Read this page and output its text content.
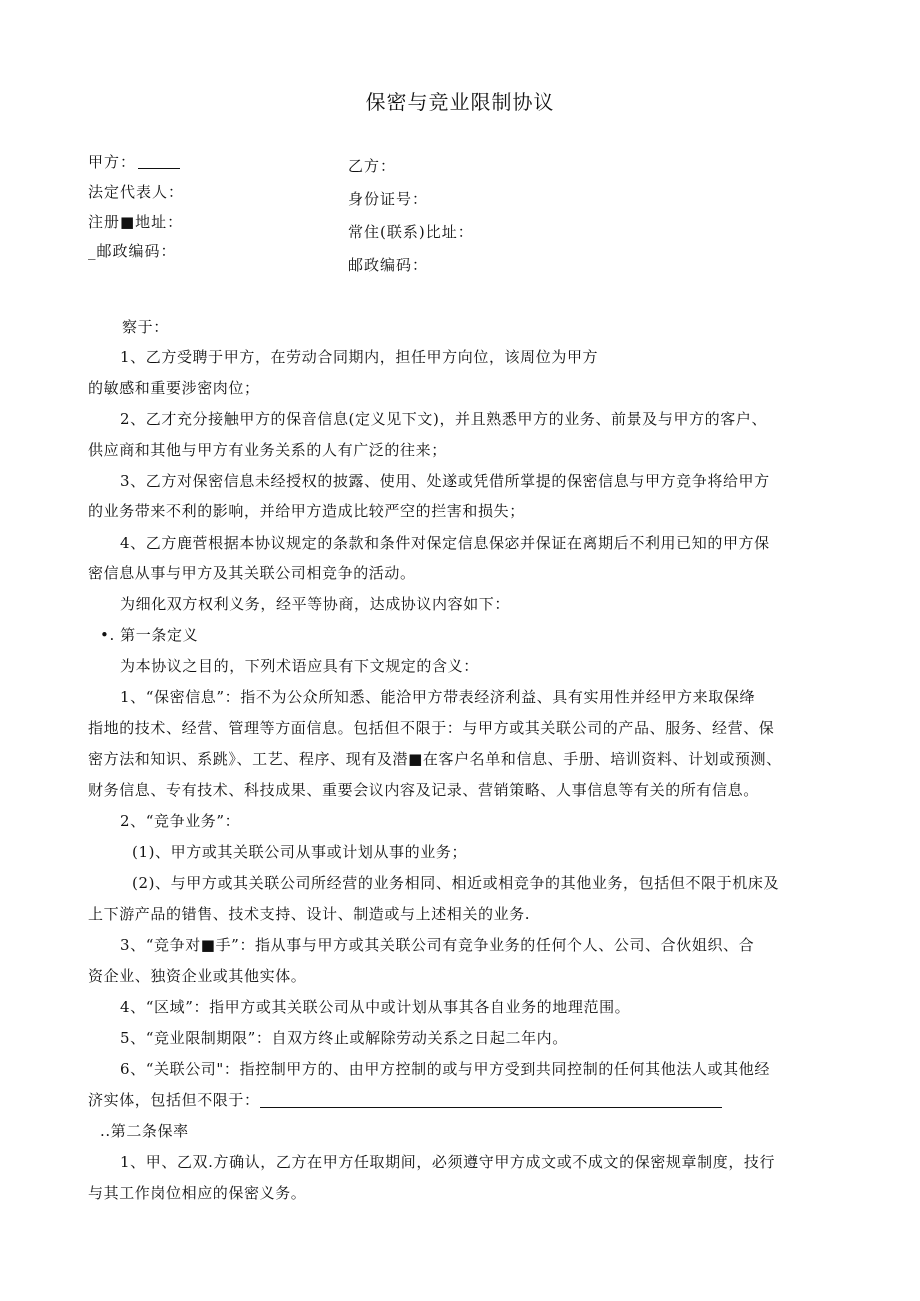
保密与竞业限制协议
甲方：
法定代表人：
注册■地址：
_邮政编码：
乙方：
身份证号：
常住(联系)比址：
邮政编码：
察于：
1、乙方受聘于甲方，在劳动合同期内，担任甲方向位，该周位为甲方
的敏感和重要涉密肉位；
2、乙才充分接触甲方的保音信息(定义见下文)，并且熟悉甲方的业务、前景及与甲方的客户、
供应商和其他与甲方有业务关系的人有广泛的往来；
3、乙方对保密信息未经授权的披露、使用、处遂或凭借所掌提的保密信息与甲方竞争将给甲方
的业务带来不利的影响，并给甲方造成比较严空的拦害和损失；
4、乙方鹿菅根据本协议规定的条款和条件对保定信息保宓并保证在离期后不利用已知的甲方保
密信息从事与甲方及其关联公司相竞争的活动。
为细化双方权利义务，经平等协商，达成协议内容如下：
•. 第一条定义
为本协议之目的，下列术语应具有下文规定的含义：
1、“保密信息”：指不为公众所知悉、能洽甲方带表经济利益、具有实用性并经甲方来取保绛
指地的技术、经营、管理等方面信息。包括但不限于：与甲方或其关联公司的产品、服务、经营、保
密方法和知识、系跳》、工艺、程序、现有及潜■在客户名单和信息、手册、培训资料、计划或预测、
财务信息、专有技术、科技成果、重要会议内容及记录、营销策略、人事信息等有关的所有信息。
2、“竞争业务”：
(1)、甲方或其关联公司从事或计划从事的业务；
(2)、与甲方或其关联公司所经营的业务相同、相近或相竞争的其他业务，包括但不限于机床及
上下游产品的错售、技术支持、设计、制造或与上述相关的业务.
3、“竞争对■手”：指从事与甲方或其关联公司有竞争业务的任何个人、公司、合伙姐织、合
资企业、独资企业或其他实体。
4、“区域”：指甲方或其关联公司从中或计划从事其各自业务的地理范围。
5、“竞业限制期限”：自双方终止或解除劳动关系之日起二年内。
6、“关联公司"：指控制甲方的、由甲方控制的或与甲方受到共同控制的任何其他法人或其他经
济实体，包括但不限于：
..第二条保率
1、甲、乙双.方确认，乙方在甲方任取期间，必须遵守甲方成文或不成文的保密规章制度，技行
与其工作岗位相应的保密义务。
